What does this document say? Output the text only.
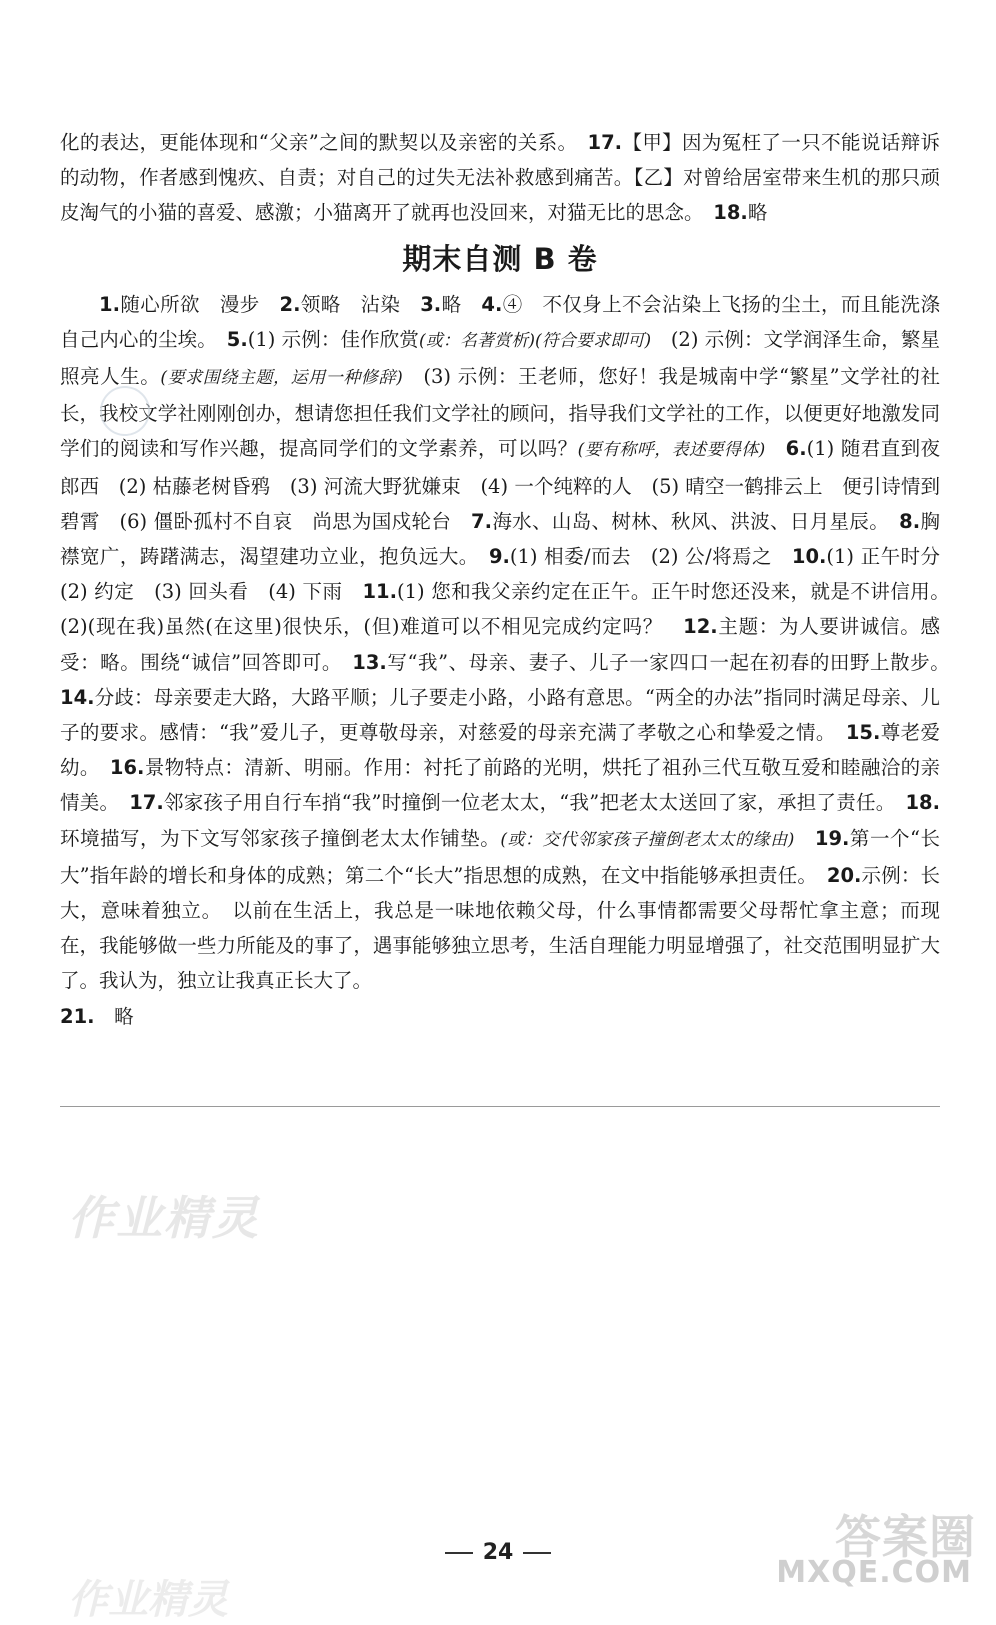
化的表达，更能体现和“父亲”之间的默契以及亲密的关系。　 17.【甲】因为冤枉了一只不能说话辩诉的动物，作者感到愧疚、自责；对自己的过失无法补救感到痛苦。【乙】对曾给居室带来生机的那只顽皮淘气的小猫的喜爱、感激；小猫离开了就再也没回来，对猫无比的思念。　 18.略

期末自测 B 卷

1.随心所欲　漫步　2.领略　沾染　3.略　4.④　不仅身上不会沾染上飞扬的尘土，而且能洗涤自己内心的尘埃。　5.(1) 示例：佳作欣赏(或：名著赏析)(符合要求即可)　(2) 示例：文学润泽生命，繁星照亮人生。(要求围绕主题，运用一种修辞)　(3) 示例：王老师，您好！我是城南中学“繁星”文学社的社长，我校文学社刚刚创办，想请您担任我们文学社的顾问，指导我们文学社的工作，以便更好地激发同学们的阅读和写作兴趣，提高同学们的文学素养，可以吗？(要有称呼，表述要得体)　 6.(1) 随君直到夜郎西　(2) 枯藤老树昏鸦　(3) 河流大野犹嫌束　(4) 一个纯粹的人　(5) 晴空一鹤排云上　便引诗情到碧霄　(6) 僵卧孤村不自哀　尚思为国戍轮台　7.海水、山岛、树林、秋风、洪波、日月星辰。　8.胸襟宽广，踌躇满志，渴望建功立业，抱负远大。　9.(1) 相委/而去　(2) 公/将焉之　10.(1) 正午时分　(2) 约定　(3) 回头看　(4) 下雨　11.(1) 您和我父亲约定在正午。正午时您还没来，就是不讲信用。　(2)(现在我)虽然(在这里)很快乐，(但)难道可以不相见完成约定吗？　12.主题：为人要讲诚信。感受：略。围绕“诚信”回答即可。　13.写“我”、母亲、妻子、儿子一家四口一起在初春的田野上散步。　14.分歧：母亲要走大路，大路平顺；儿子要走小路，小路有意思。“两全的办法”指同时满足母亲、儿子的要求。感情：“我”爱儿子，更尊敬母亲，对慈爱的母亲充满了孝敬之心和挚爱之情。　15.尊老爱幼。　16.景物特点：清新、明丽。作用：衬托了前路的光明，烘托了祖孙三代互敬互爱和睦融洽的亲情美。　17.邻家孩子用自行车捎“我”时撞倒一位老太太，“我”把老太太送回了家，承担了责任。　18.环境描写，为下文写邻家孩子撞倒老太太作铺垫。(或：交代邻家孩子撞倒老太太的缘由)　 19.第一个“长大”指年龄的增长和身体的成熟；第二个“长大”指思想的成熟，在文中指能够承担责任。　20.示例：长大，意味着独立。　以前在生活上，我总是一味地依赖父母，什么事情都需要父母帮忙拿主意；而现在，我能够做一些力所能及的事了，遇事能够独立思考，生活自理能力明显增强了，社交范围明显扩大了。我认为，独立让我真正长大了。

21.　 略

作业精灵
24
作业精灵
答案圈
MXQE.COM
